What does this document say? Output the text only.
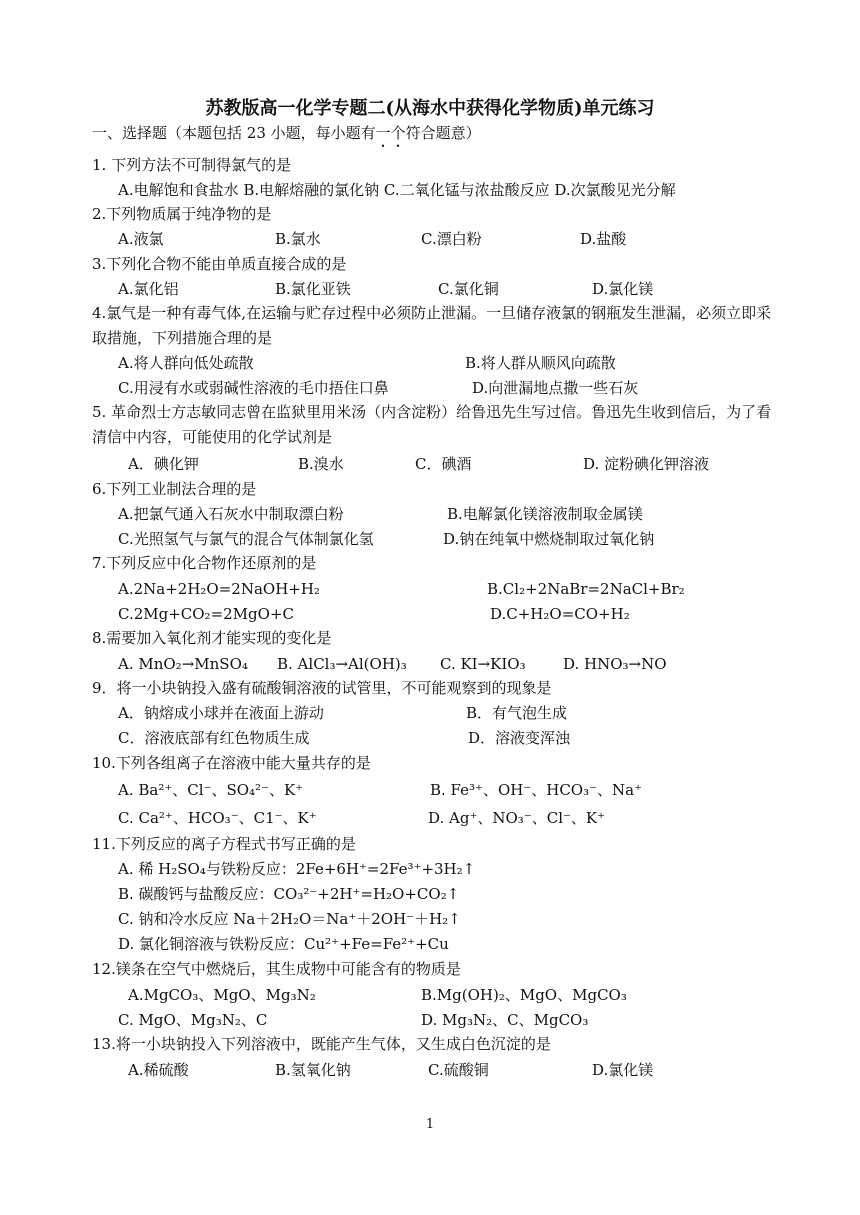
苏教版高一化学专题二(从海水中获得化学物质)单元练习
一、选择题（本题包括 23 小题，每小题有一个符合题意）
1. 下列方法不可制得氯气的是
A.电解饱和食盐水 B.电解熔融的氯化钠 C.二氧化锰与浓盐酸反应 D.次氯酸见光分解
2.下列物质属于纯净物的是
A.液氯	B.氯水	C.漂白粉	D.盐酸
3.下列化合物不能由单质直接合成的是
A.氯化铝	B.氯化亚铁	C.氯化铜	D.氯化镁
4.氯气是一种有毒气体,在运输与贮存过程中必须防止泄漏。一旦储存液氯的钢瓶发生泄漏，必须立即采取措施，下列措施合理的是
A.将人群向低处疏散	B.将人群从顺风向疏散
C.用浸有水或弱碱性溶液的毛巾捂住口鼻	D.向泄漏地点撒一些石灰
5. 革命烈士方志敏同志曾在监狱里用米汤（内含淀粉）给鲁迅先生写过信。鲁迅先生收到信后，为了看清信中内容，可能使用的化学试剂是
A．碘化钾	B.溴水	C．碘酒	D. 淀粉碘化钾溶液
6.下列工业制法合理的是
A.把氯气通入石灰水中制取漂白粉	B.电解氯化镁溶液制取金属镁
C.光照氢气与氯气的混合气体制氯化氢	D.钠在纯氧中燃烧制取过氧化钠
7.下列反应中化合物作还原剂的是
A.2Na+2H₂O=2NaOH+H₂	B.Cl₂+2NaBr=2NaCl+Br₂
C.2Mg+CO₂=2MgO+C	D.C+H₂O=CO+H₂
8.需要加入氧化剂才能实现的变化是
A. MnO₂→MnSO₄ B. AlCl₃→Al(OH)₃ C. KI→KIO₃ D. HNO₃→NO
9．将一小块钠投入盛有硫酸铜溶液的试管里，不可能观察到的现象是
A．钠熔成小球并在液面上游动	B．有气泡生成
C．溶液底部有红色物质生成	D．溶液变浑浊
10.下列各组离子在溶液中能大量共存的是
A. Ba²⁺、Cl⁻、SO₄²⁻、K⁺	B. Fe³⁺、OH⁻、HCO₃⁻、Na⁺
C. Ca²⁺、HCO₃⁻、C1⁻、K⁺	D. Ag⁺、NO₃⁻、Cl⁻、K⁺
11.下列反应的离子方程式书写正确的是
A. 稀 H₂SO₄与铁粉反应：2Fe+6H⁺=2Fe³⁺+3H₂↑
B. 碳酸钙与盐酸反应：CO₃²⁻+2H⁺=H₂O+CO₂↑
C. 钠和冷水反应 Na＋2H₂O＝Na⁺＋2OH⁻＋H₂↑
D. 氯化铜溶液与铁粉反应：Cu²⁺+Fe=Fe²⁺+Cu
12.镁条在空气中燃烧后，其生成物中可能含有的物质是
A.MgCO₃、MgO、Mg₃N₂	B.Mg(OH)₂、MgO、MgCO₃
C. MgO、Mg₃N₂、C	D. Mg₃N₂、C、MgCO₃
13.将一小块钠投入下列溶液中，既能产生气体，又生成白色沉淀的是
A.稀硫酸	B.氢氧化钠	C.硫酸铜	D.氯化镁
1
